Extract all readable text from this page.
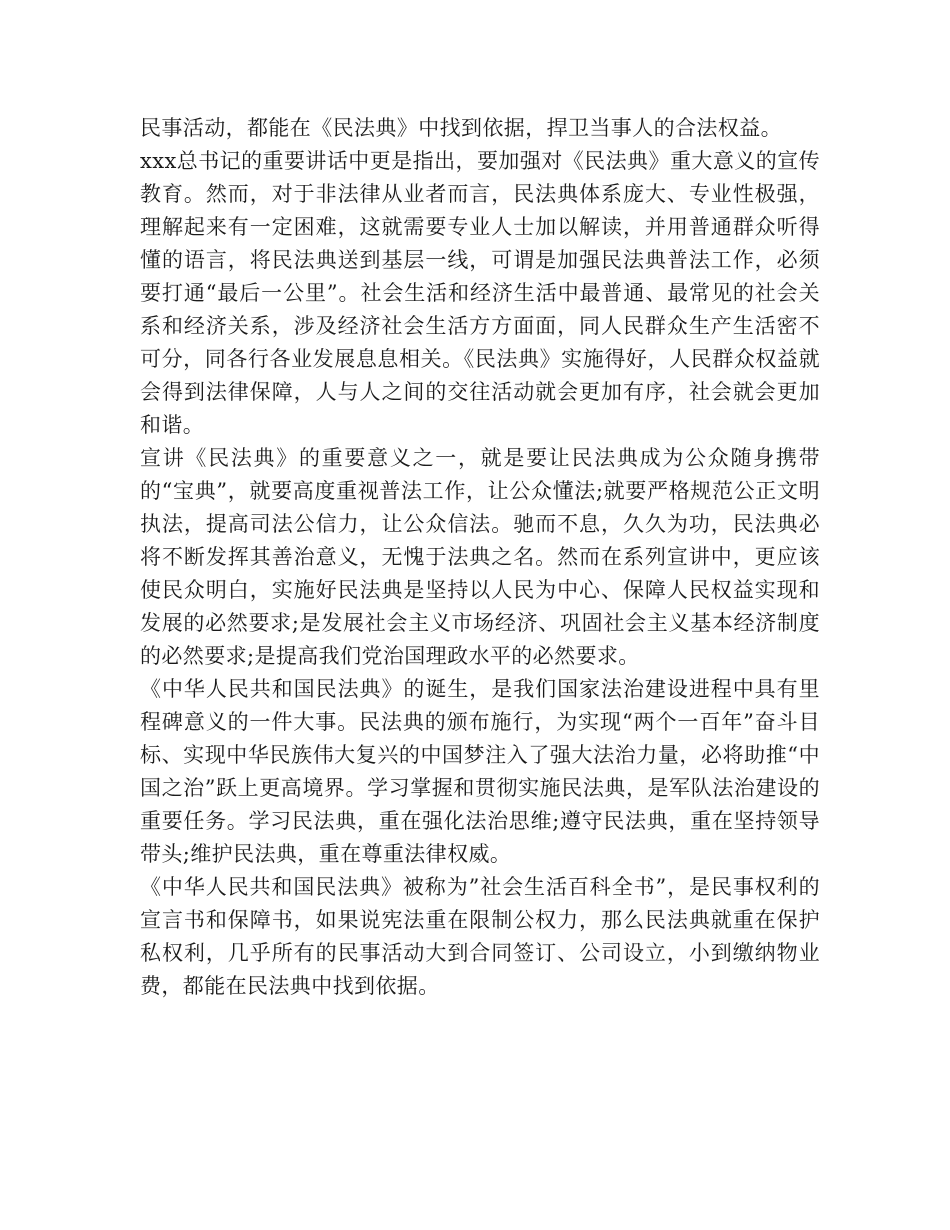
民事活动，都能在《民法典》中找到依据，捍卫当事人的合法权益。

xxx总书记的重要讲话中更是指出，要加强对《民法典》重大意义的宣传教育。然而，对于非法律从业者而言，民法典体系庞大、专业性极强，理解起来有一定困难，这就需要专业人士加以解读，并用普通群众听得懂的语言，将民法典送到基层一线，可谓是加强民法典普法工作，必须要打通“最后一公里”。社会生活和经济生活中最普通、最常见的社会关系和经济关系，涉及经济社会生活方方面面，同人民群众生产生活密不可分，同各行各业发展息息相关。《民法典》实施得好，人民群众权益就会得到法律保障，人与人之间的交往活动就会更加有序，社会就会更加和谐。

宣讲《民法典》的重要意义之一，就是要让民法典成为公众随身携带的“宝典”，就要高度重视普法工作，让公众懂法;就要严格规范公正文明执法，提高司法公信力，让公众信法。驰而不息，久久为功，民法典必将不断发挥其善治意义，无愧于法典之名。然而在系列宣讲中，更应该使民众明白，实施好民法典是坚持以人民为中心、保障人民权益实现和发展的必然要求;是发展社会主义市场经济、巩固社会主义基本经济制度的必然要求;是提高我们党治国理政水平的必然要求。

《中华人民共和国民法典》的诞生，是我们国家法治建设进程中具有里程碑意义的一件大事。民法典的颁布施行，为实现“两个一百年”奋斗目标、实现中华民族伟大复兴的中国梦注入了强大法治力量，必将助推“中国之治”跃上更高境界。学习掌握和贯彻实施民法典，是军队法治建设的重要任务。学习民法典，重在强化法治思维;遵守民法典，重在坚持领导带头;维护民法典，重在尊重法律权威。

《中华人民共和国民法典》被称为”社会生活百科全书”，是民事权利的宣言书和保障书，如果说宪法重在限制公权力，那么民法典就重在保护私权利，几乎所有的民事活动大到合同签订、公司设立，小到缴纳物业费，都能在民法典中找到依据。
